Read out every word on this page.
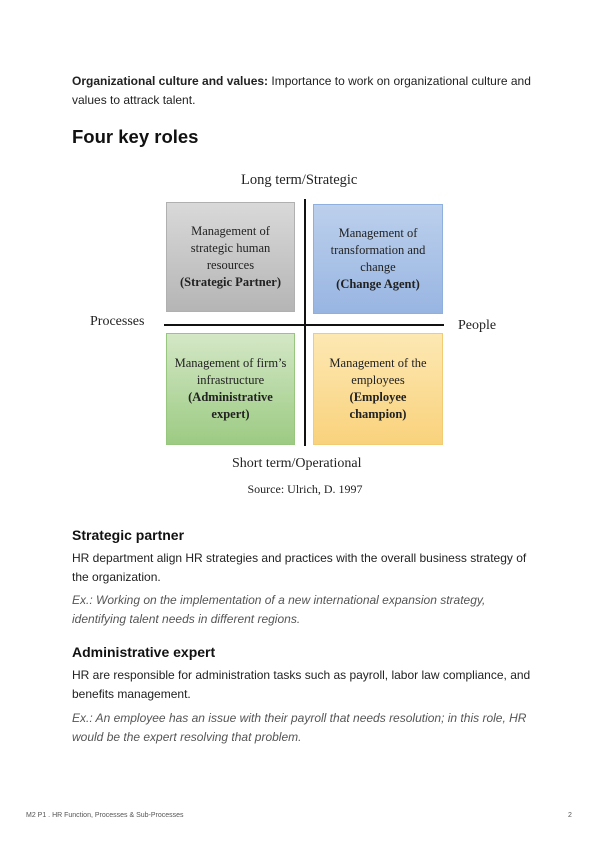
Organizational culture and values: Importance to work on organizational culture and values to attrack talent.
Four key roles
Long term/Strategic
Processes	People
Short term/Operational
Management of strategic human resources
(Strategic Partner)
Management of transformation and change
(Change Agent)
Management of firm’s infrastructure
(Administrative expert)
Management of the employees
(Employee champion)
Source: Ulrich, D. 1997
Strategic partner
HR department align HR strategies and practices with the overall business strategy of the organization.
Ex.: Working on the implementation of a new international expansion strategy, identifying talent needs in different regions.
Administrative expert
HR are responsible for administration tasks such as payroll, labor law compliance, and benefits management.
Ex.: An employee has an issue with their payroll that needs resolution; in this role, HR would be the expert resolving that problem.
M2 P1 . HR Function, Processes & Sub-Processes	2
